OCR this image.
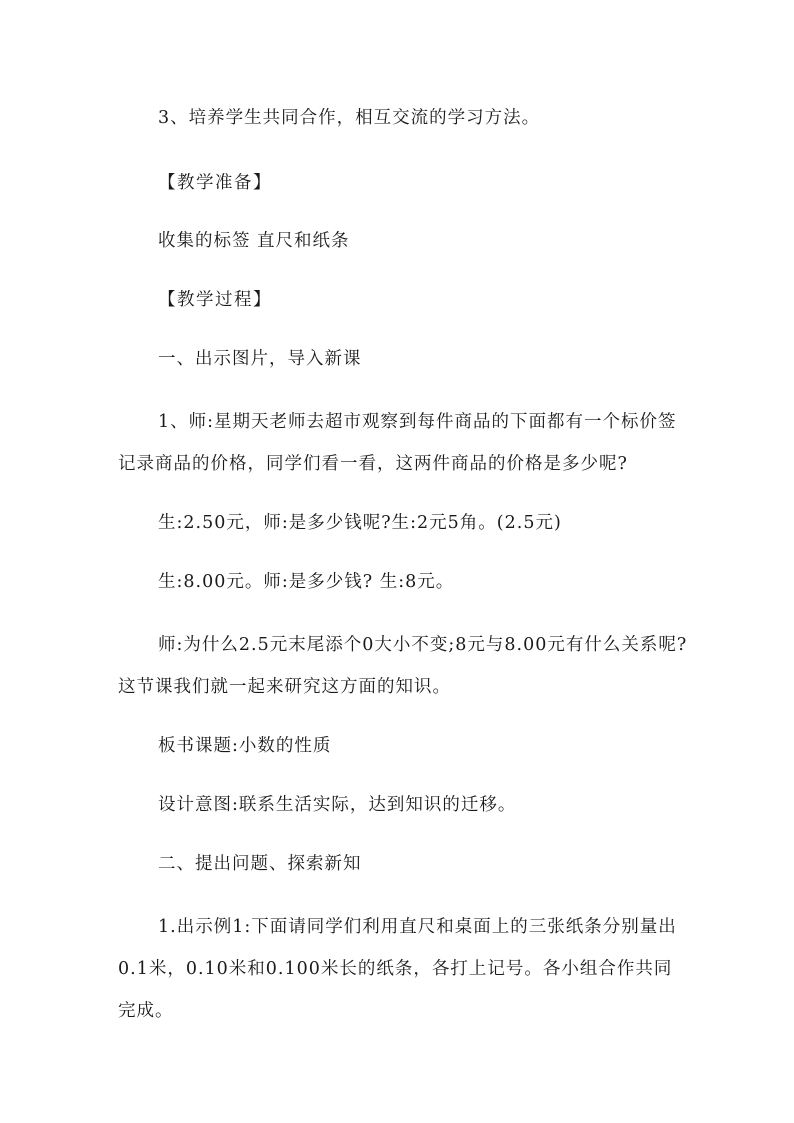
3、培养学生共同合作，相互交流的学习方法。

【教学准备】

收集的标签 直尺和纸条

【教学过程】

一、出示图片，导入新课

1、师:星期天老师去超市观察到每件商品的下面都有一个标价签记录商品的价格，同学们看一看，这两件商品的价格是多少呢?

生:2.50元，师:是多少钱呢?生:2元5角。(2.5元)

生:8.00元。师:是多少钱? 生:8元。

师:为什么2.5元末尾添个0大小不变;8元与8.00元有什么关系呢?这节课我们就一起来研究这方面的知识。

板书课题:小数的性质

设计意图:联系生活实际，达到知识的迁移。

二、提出问题、探索新知

1.出示例1:下面请同学们利用直尺和桌面上的三张纸条分别量出0.1米，0.10米和0.100米长的纸条，各打上记号。各小组合作共同完成。
